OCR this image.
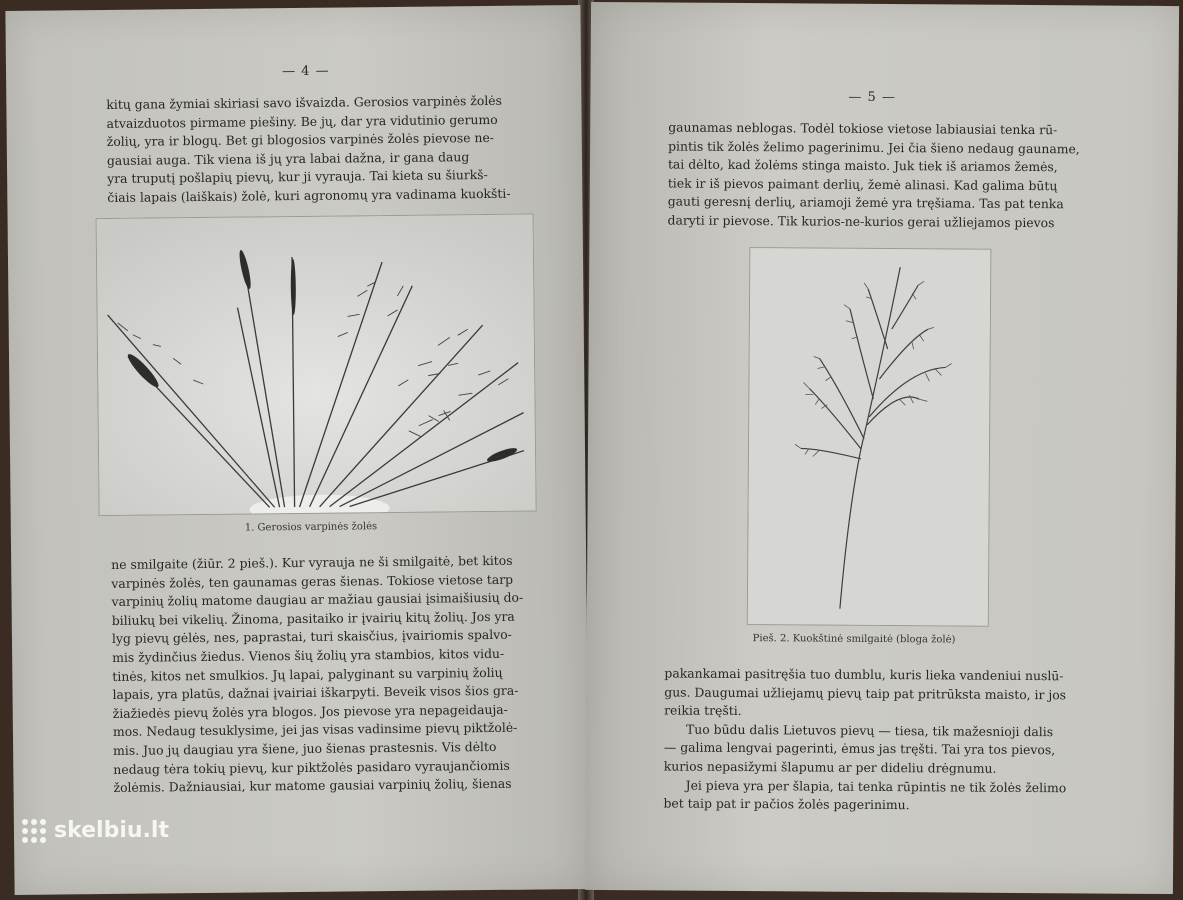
— 4 —
kitų gana žymiai skiriasi savo išvaizda. Gerosios varpinės žolės
atvaizduotos pirmame piešiny. Be jų, dar yra vidutinio gerumo
žolių, yra ir blogų. Bet gi blogosios varpinės žolės pievose ne-
gausiai auga. Tik viena iš jų yra labai dažna, ir gana daug
yra truputį pošlapių pievų, kur ji vyrauja. Tai kieta su šiurkš-
čiais lapais (laiškais) žolė, kuri agronomų yra vadinama kuokšti-
1. Gerosios varpinės žolės
ne smilgaite (žiūr. 2 pieš.). Kur vyrauja ne ši smilgaitė, bet kitos
varpinės žolės, ten gaunamas geras šienas. Tokiose vietose tarp
varpinių žolių matome daugiau ar mažiau gausiai įsimaišiusių do-
biliukų bei vikelių. Žinoma, pasitaiko ir įvairių kitų žolių. Jos yra
lyg pievų gėlės, nes, paprastai, turi skaisčius, įvairiomis spalvo-
mis žydinčius žiedus. Vienos šių žolių yra stambios, kitos vidu-
tinės, kitos net smulkios. Jų lapai, palyginant su varpinių žolių
lapais, yra platūs, dažnai įvairiai iškarpyti. Beveik visos šios gra-
žiažiedės pievų žolės yra blogos. Jos pievose yra nepageidauja-
mos. Nedaug tesuklysime, jei jas visas vadinsime pievų piktžolė-
mis. Juo jų daugiau yra šiene, juo šienas prastesnis. Vis dėlto
nedaug tėra tokių pievų, kur piktžolės pasidaro vyraujančiomis
žolėmis. Dažniausiai, kur matome gausiai varpinių žolių, šienas
— 5 —
gaunamas neblogas. Todėl tokiose vietose labiausiai tenka rū-
pintis tik žolės želimo pagerinimu. Jei čia šieno nedaug gauname,
tai dėlto, kad žolėms stinga maisto. Juk tiek iš ariamos žemės,
tiek ir iš pievos paimant derlių, žemė alinasi. Kad galima būtų
gauti geresnį derlių, ariamoji žemė yra tręšiama. Tas pat tenka
daryti ir pievose. Tik kurios-ne-kurios gerai užliejamos pievos
Pieš. 2. Kuokštinė smilgaitė (bloga žolė)
pakankamai pasitręšia tuo dumblu, kuris lieka vandeniui nuslū-
gus. Daugumai užliejamų pievų taip pat pritrūksta maisto, ir jos
reikia tręšti.
Tuo būdu dalis Lietuvos pievų — tiesa, tik mažesnioji dalis
— galima lengvai pagerinti, ėmus jas tręšti. Tai yra tos pievos,
kurios nepasižymi šlapumu ar per dideliu drėgnumu.
Jei pieva yra per šlapia, tai tenka rūpintis ne tik žolės želimo
bet taip pat ir pačios žolės pagerinimu.
skelbiu.lt
